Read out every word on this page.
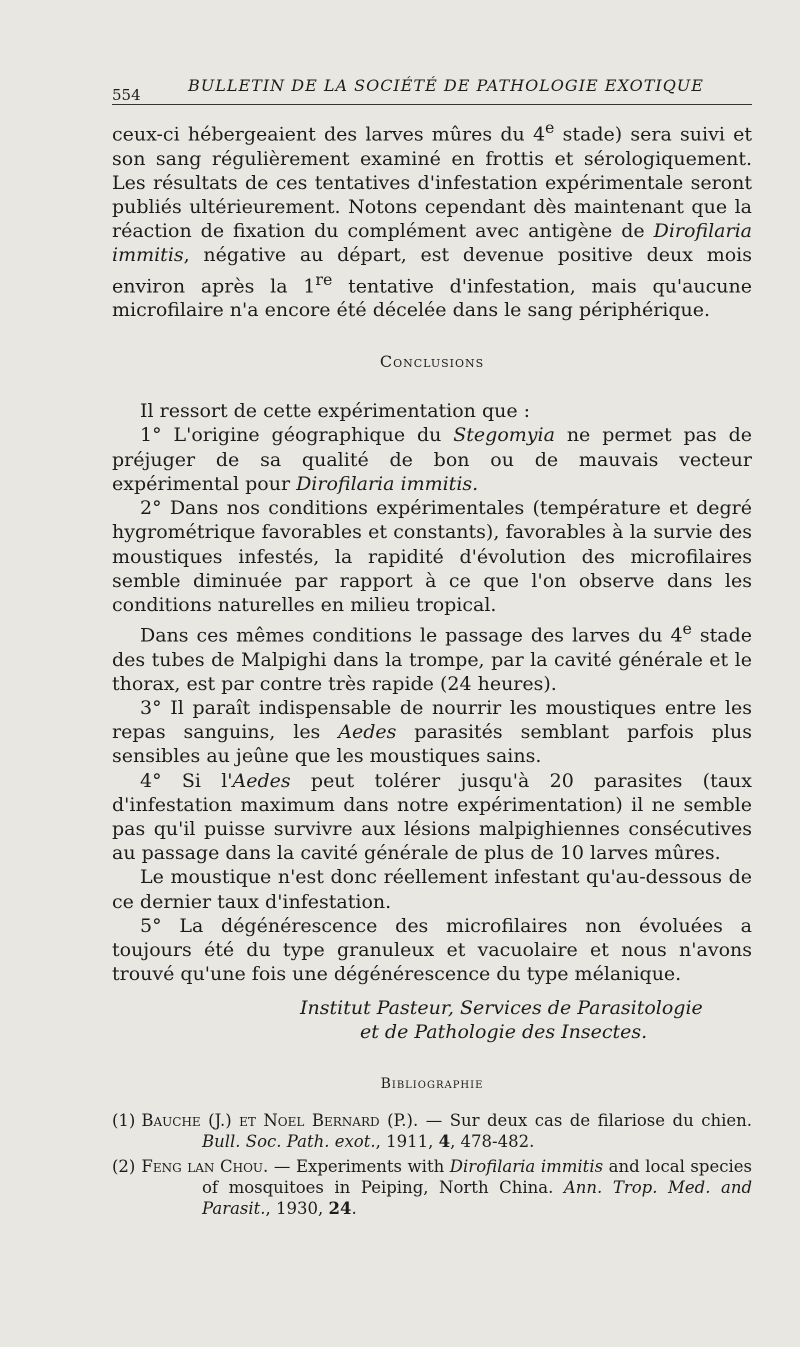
554	BULLETIN DE LA SOCIÉTÉ DE PATHOLOGIE EXOTIQUE

ceux-ci hébergeaient des larves mûres du 4e stade) sera suivi et son sang régulièrement examiné en frottis et sérologiquement. Les résultats de ces tentatives d'infestation expérimentale seront publiés ultérieurement. Notons cependant dès maintenant que la réaction de fixation du complément avec antigène de Dirofilaria immitis, négative au départ, est devenue positive deux mois environ après la 1re tentative d'infestation, mais qu'aucune microfilaire n'a encore été décelée dans le sang périphérique.

Conclusions

Il ressort de cette expérimentation que :

1° L'origine géographique du Stegomyia ne permet pas de préjuger de sa qualité de bon ou de mauvais vecteur expérimental pour Dirofilaria immitis.

2° Dans nos conditions expérimentales (température et degré hygrométrique favorables et constants), favorables à la survie des moustiques infestés, la rapidité d'évolution des microfilaires semble diminuée par rapport à ce que l'on observe dans les conditions naturelles en milieu tropical.

Dans ces mêmes conditions le passage des larves du 4e stade des tubes de Malpighi dans la trompe, par la cavité générale et le thorax, est par contre très rapide (24 heures).

3° Il paraît indispensable de nourrir les moustiques entre les repas sanguins, les Aedes parasités semblant parfois plus sensibles au jeûne que les moustiques sains.

4° Si l'Aedes peut tolérer jusqu'à 20 parasites (taux d'infestation maximum dans notre expérimentation) il ne semble pas qu'il puisse survivre aux lésions malpighiennes consécutives au passage dans la cavité générale de plus de 10 larves mûres.

Le moustique n'est donc réellement infestant qu'au-dessous de ce dernier taux d'infestation.

5° La dégénérescence des microfilaires non évoluées a toujours été du type granuleux et vacuolaire et nous n'avons trouvé qu'une fois une dégénérescence du type mélanique.

Institut Pasteur, Services de Parasitologie
et de Pathologie des Insectes.
Bibliographie

(1) Bauche (J.) et Noel Bernard (P.). — Sur deux cas de filariose du chien. Bull. Soc. Path. exot., 1911, 4, 478-482.

(2) Feng lan Chou. — Experiments with Dirofilaria immitis and local species of mosquitoes in Peiping, North China. Ann. Trop. Med. and Parasit., 1930, 24.
